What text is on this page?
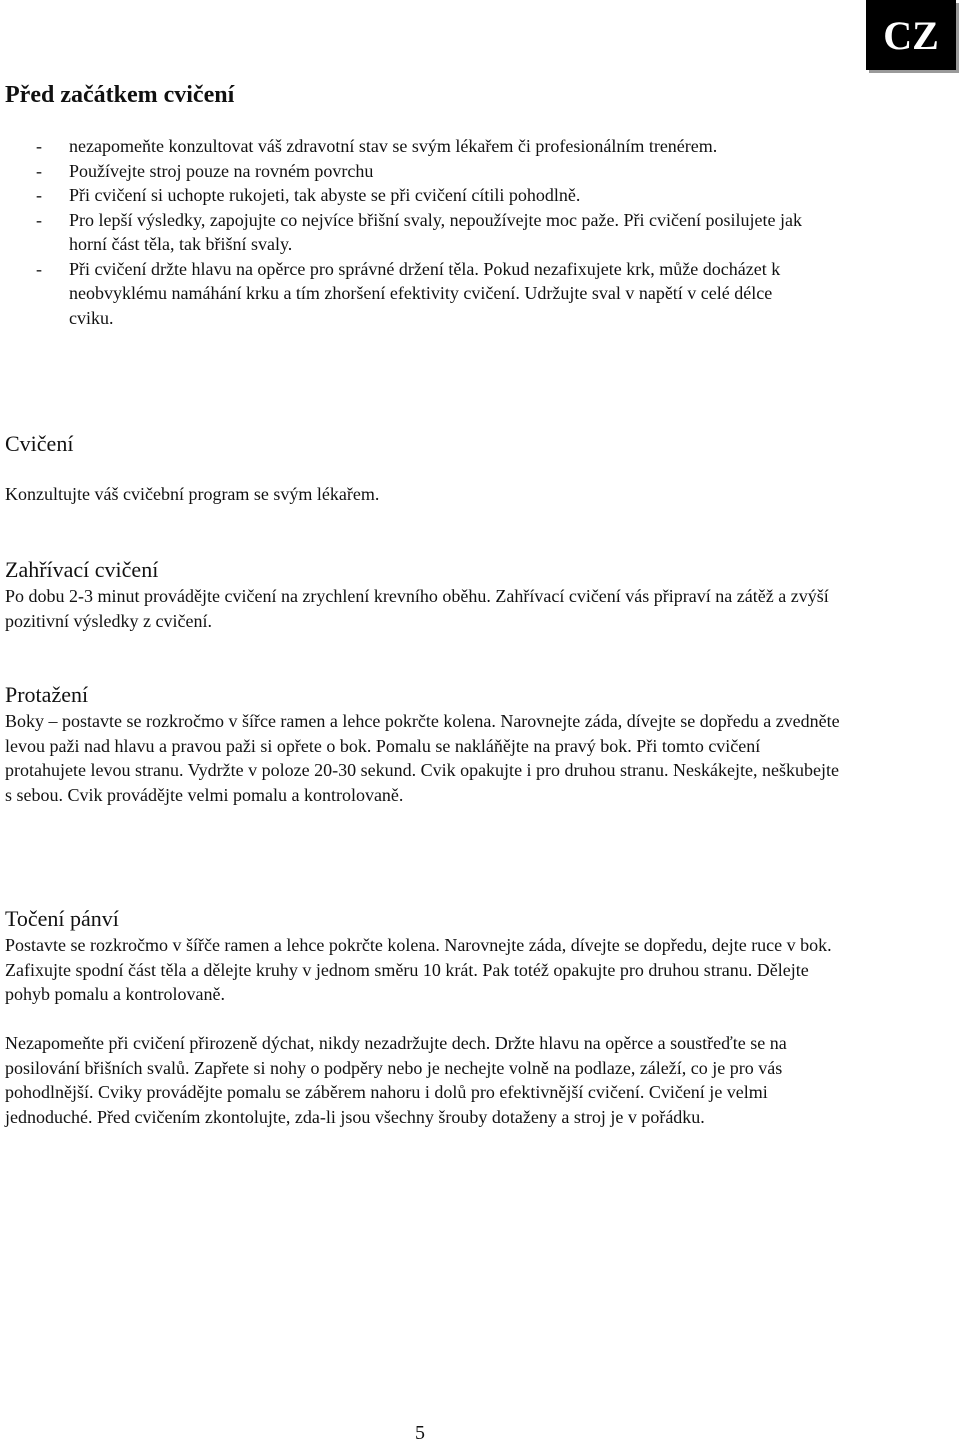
CZ
Před začátkem cvičení
- nezapomeňte konzultovat váš zdravotní stav se svým lékařem či profesionálním trenérem.
- Používejte stroj pouze na rovném povrchu
- Při cvičení si uchopte rukojeti, tak abyste se při cvičení cítili pohodlně.
- Pro lepší výsledky, zapojujte co nejvíce břišní svaly, nepoužívejte moc paže. Při cvičení posilujete jak horní část těla, tak břišní svaly.
- Při cvičení držte hlavu na opěrce pro správné držení těla. Pokud nezafixujete krk, může docházet k neobvyklému namáhání krku a tím zhoršení efektivity cvičení. Udržujte sval v napětí v celé délce cviku.
Cvičení
Konzultujte váš cvičební program se svým lékařem.
Zahřívací cvičení
Po dobu 2-3 minut provádějte cvičení na zrychlení krevního oběhu. Zahřívací cvičení vás připraví na zátěž a zvýší pozitivní výsledky z cvičení.
Protažení
Boky – postavte se rozkročmo v šířce ramen a lehce pokrčte kolena. Narovnejte záda, dívejte se dopředu a zvedněte levou paži nad hlavu a pravou paži si opřete o bok. Pomalu se nakláňějte na pravý bok. Při tomto cvičení protahujete levou stranu. Vydržte v poloze 20-30 sekund. Cvik opakujte i pro druhou stranu. Neskákejte, neškubejte s sebou. Cvik provádějte velmi pomalu a kontrolovaně.
Točení pánví
Postavte se rozkročmo v šířče ramen a lehce pokrčte kolena. Narovnejte záda, dívejte se dopředu, dejte ruce v bok. Zafixujte spodní část těla a dělejte kruhy v jednom směru 10 krát. Pak totéž opakujte pro druhou stranu. Dělejte pohyb pomalu a kontrolovaně.
Nezapomeňte při cvičení přirozeně dýchat, nikdy nezadržujte dech. Držte hlavu na opěrce a soustřeďte se na posilování břišních svalů. Zapřete si nohy o podpěry nebo je nechejte volně na podlaze, záleží, co je pro vás pohodlnější. Cviky provádějte pomalu se záběrem nahoru i dolů pro efektivnější cvičení. Cvičení je velmi jednoduché. Před cvičením zkontolujte, zda-li jsou všechny šrouby dotaženy a stroj je v pořádku.
5
